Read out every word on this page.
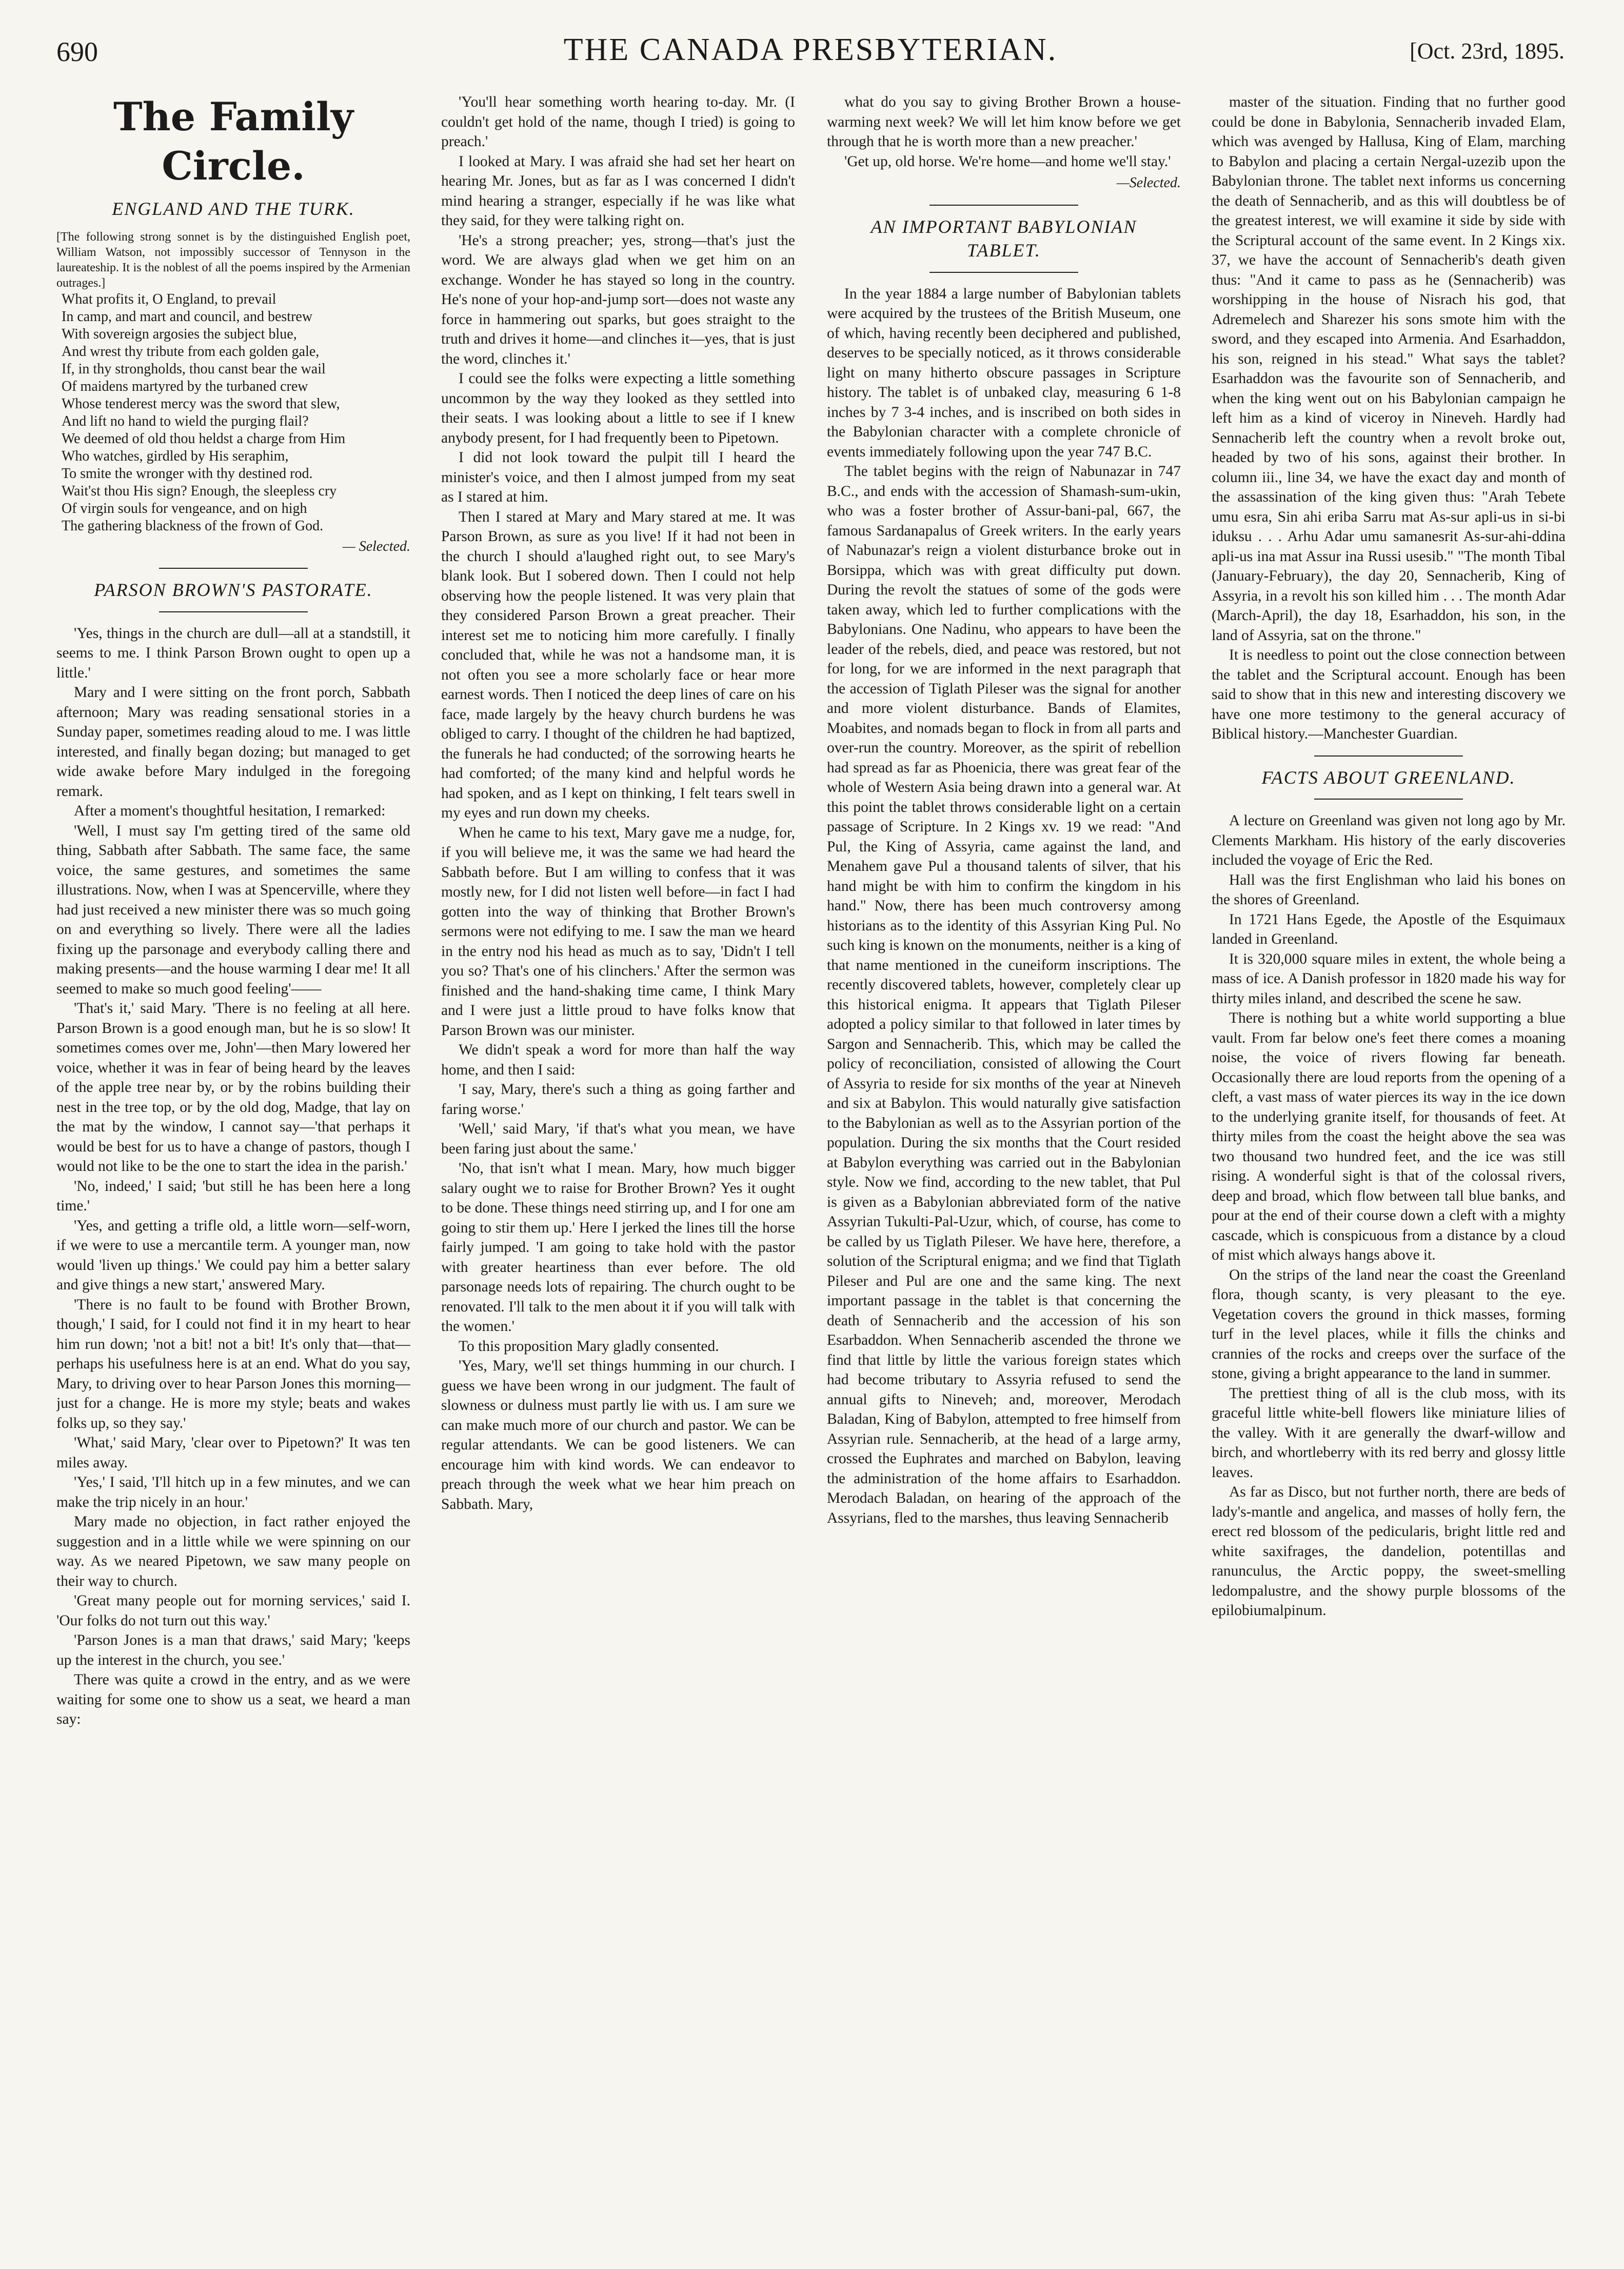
690	THE CANADA PRESBYTERIAN.	[Oct. 23rd, 1895.
The Family Circle.
ENGLAND AND THE TURK.

[The following strong sonnet is by the distinguished English poet, William Watson, not impossibly successor of Tennyson in the laureateship. It is the noblest of all the poems inspired by the Armenian outrages.]

What profits it, O England, to prevail
In camp, and mart and council, and bestrew
With sovereign argosies the subject blue,
And wrest thy tribute from each golden gale,
If, in thy strongholds, thou canst bear the wail
Of maidens martyred by the turbaned crew
Whose tenderest mercy was the sword that slew,
And lift no hand to wield the purging flail?
We deemed of old thou heldst a charge from Him
Who watches, girdled by His seraphim,
To smite the wronger with thy destined rod.
Wait'st thou His sign? Enough, the sleepless cry
Of virgin souls for vengeance, and on high
The gathering blackness of the frown of God.
— Selected.
PARSON BROWN'S PASTORATE.

'Yes, things in the church are dull—all at a standstill, it seems to me. I think Parson Brown ought to open up a little.'

Mary and I were sitting on the front porch, Sabbath afternoon; Mary was reading sensational stories in a Sunday paper, sometimes reading aloud to me. I was little interested, and finally began dozing; but managed to get wide awake before Mary indulged in the foregoing remark.

After a moment's thoughtful hesitation, I remarked:

'Well, I must say I'm getting tired of the same old thing, Sabbath after Sabbath. The same face, the same voice, the same gestures, and sometimes the same illustrations. Now, when I was at Spencerville, where they had just received a new minister there was so much going on and everything so lively. There were all the ladies fixing up the parsonage and everybody calling there and making presents—and the house warming I dear me! It all seemed to make so much good feeling'——

'That's it,' said Mary. 'There is no feeling at all here. Parson Brown is a good enough man, but he is so slow! It sometimes comes over me, John'—then Mary lowered her voice, whether it was in fear of being heard by the leaves of the apple tree near by, or by the robins building their nest in the tree top, or by the old dog, Madge, that lay on the mat by the window, I cannot say—'that perhaps it would be best for us to have a change of pastors, though I would not like to be the one to start the idea in the parish.'

'No, indeed,' I said; 'but still he has been here a long time.'

'Yes, and getting a trifle old, a little worn—self-worn, if we were to use a mercantile term. A younger man, now would 'liven up things.' We could pay him a better salary and give things a new start,' answered Mary.

'There is no fault to be found with Brother Brown, though,' I said, for I could not find it in my heart to hear him run down; 'not a bit! not a bit! It's only that—that—perhaps his usefulness here is at an end. What do you say, Mary, to driving over to hear Parson Jones this morning—just for a change. He is more my style; beats and wakes folks up, so they say.'

'What,' said Mary, 'clear over to Pipetown?' It was ten miles away.

'Yes,' I said, 'I'll hitch up in a few minutes, and we can make the trip nicely in an hour.'

Mary made no objection, in fact rather enjoyed the suggestion and in a little while we were spinning on our way. As we neared Pipetown, we saw many people on their way to church.

'Great many people out for morning services,' said I. 'Our folks do not turn out this way.'

'Parson Jones is a man that draws,' said Mary; 'keeps up the interest in the church, you see.'

There was quite a crowd in the entry, and as we were waiting for some one to show us a seat, we heard a man say:

'You'll hear something worth hearing to-day. Mr. (I couldn't get hold of the name, though I tried) is going to preach.'

I looked at Mary. I was afraid she had set her heart on hearing Mr. Jones, but as far as I was concerned I didn't mind hearing a stranger, especially if he was like what they said, for they were talking right on.

'He's a strong preacher; yes, strong—that's just the word. We are always glad when we get him on an exchange. Wonder he has stayed so long in the country. He's none of your hop-and-jump sort—does not waste any force in hammering out sparks, but goes straight to the truth and drives it home—and clinches it—yes, that is just the word, clinches it.'

I could see the folks were expecting a little something uncommon by the way they looked as they settled into their seats. I was looking about a little to see if I knew anybody present, for I had frequently been to Pipetown.

I did not look toward the pulpit till I heard the minister's voice, and then I almost jumped from my seat as I stared at him.

Then I stared at Mary and Mary stared at me. It was Parson Brown, as sure as you live! If it had not been in the church I should a'laughed right out, to see Mary's blank look. But I sobered down. Then I could not help observing how the people listened. It was very plain that they considered Parson Brown a great preacher. Their interest set me to noticing him more carefully. I finally concluded that, while he was not a handsome man, it is not often you see a more scholarly face or hear more earnest words. Then I noticed the deep lines of care on his face, made largely by the heavy church burdens he was obliged to carry. I thought of the children he had baptized, the funerals he had conducted; of the sorrowing hearts he had comforted; of the many kind and helpful words he had spoken, and as I kept on thinking, I felt tears swell in my eyes and run down my cheeks.

When he came to his text, Mary gave me a nudge, for, if you will believe me, it was the same we had heard the Sabbath before. But I am willing to confess that it was mostly new, for I did not listen well before—in fact I had gotten into the way of thinking that Brother Brown's sermons were not edifying to me. I saw the man we heard in the entry nod his head as much as to say, 'Didn't I tell you so? That's one of his clinchers.' After the sermon was finished and the hand-shaking time came, I think Mary and I were just a little proud to have folks know that Parson Brown was our minister.

We didn't speak a word for more than half the way home, and then I said:

'I say, Mary, there's such a thing as going farther and faring worse.'

'Well,' said Mary, 'if that's what you mean, we have been faring just about the same.'

'No, that isn't what I mean. Mary, how much bigger salary ought we to raise for Brother Brown? Yes it ought to be done. These things need stirring up, and I for one am going to stir them up.' Here I jerked the lines till the horse fairly jumped. 'I am going to take hold with the pastor with greater heartiness than ever before. The old parsonage needs lots of repairing. The church ought to be renovated. I'll talk to the men about it if you will talk with the women.'

To this proposition Mary gladly consented.

'Yes, Mary, we'll set things humming in our church. I guess we have been wrong in our judgment. The fault of slowness or dulness must partly lie with us. I am sure we can make much more of our church and pastor. We can be regular attendants. We can be good listeners. We can encourage him with kind words. We can endeavor to preach through the week what we hear him preach on Sabbath. Mary,

what do you say to giving Brother Brown a house-warming next week? We will let him know before we get through that he is worth more than a new preacher.'

'Get up, old horse. We're home—and home we'll stay.'

—Selected.
AN IMPORTANT BABYLONIAN
TABLET.

In the year 1884 a large number of Babylonian tablets were acquired by the trustees of the British Museum, one of which, having recently been deciphered and published, deserves to be specially noticed, as it throws considerable light on many hitherto obscure passages in Scripture history. The tablet is of unbaked clay, measuring 6 1-8 inches by 7 3-4 inches, and is inscribed on both sides in the Babylonian character with a complete chronicle of events immediately following upon the year 747 B.C.

The tablet begins with the reign of Nabunazar in 747 B.C., and ends with the accession of Shamash-sum-ukin, who was a foster brother of Assur-bani-pal, 667, the famous Sardanapalus of Greek writers. In the early years of Nabunazar's reign a violent disturbance broke out in Borsippa, which was with great difficulty put down. During the revolt the statues of some of the gods were taken away, which led to further complications with the Babylonians. One Nadinu, who appears to have been the leader of the rebels, died, and peace was restored, but not for long, for we are informed in the next paragraph that the accession of Tiglath Pileser was the signal for another and more violent disturbance. Bands of Elamites, Moabites, and nomads began to flock in from all parts and over-run the country. Moreover, as the spirit of rebellion had spread as far as Phoenicia, there was great fear of the whole of Western Asia being drawn into a general war. At this point the tablet throws considerable light on a certain passage of Scripture. In 2 Kings xv. 19 we read: "And Pul, the King of Assyria, came against the land, and Menahem gave Pul a thousand talents of silver, that his hand might be with him to confirm the kingdom in his hand." Now, there has been much controversy among historians as to the identity of this Assyrian King Pul. No such king is known on the monuments, neither is a king of that name mentioned in the cuneiform inscriptions. The recently discovered tablets, however, completely clear up this historical enigma. It appears that Tiglath Pileser adopted a policy similar to that followed in later times by Sargon and Sennacherib. This, which may be called the policy of reconciliation, consisted of allowing the Court of Assyria to reside for six months of the year at Nineveh and six at Babylon. This would naturally give satisfaction to the Babylonian as well as to the Assyrian portion of the population. During the six months that the Court resided at Babylon everything was carried out in the Babylonian style. Now we find, according to the new tablet, that Pul is given as a Babylonian abbreviated form of the native Assyrian Tukulti-Pal-Uzur, which, of course, has come to be called by us Tiglath Pileser. We have here, therefore, a solution of the Scriptural enigma; and we find that Tiglath Pileser and Pul are one and the same king. The next important passage in the tablet is that concerning the death of Sennacherib and the accession of his son Esarbaddon. When Sennacherib ascended the throne we find that little by little the various foreign states which had become tributary to Assyria refused to send the annual gifts to Nineveh; and, moreover, Merodach Baladan, King of Babylon, attempted to free himself from Assyrian rule. Sennacherib, at the head of a large army, crossed the Euphrates and marched on Babylon, leaving the administration of the home affairs to Esarhaddon. Merodach Baladan, on hearing of the approach of the Assyrians, fled to the marshes, thus leaving Sennacherib

master of the situation. Finding that no further good could be done in Babylonia, Sennacherib invaded Elam, which was avenged by Hallusa, King of Elam, marching to Babylon and placing a certain Nergal-uzezib upon the Babylonian throne. The tablet next informs us concerning the death of Sennacherib, and as this will doubtless be of the greatest interest, we will examine it side by side with the Scriptural account of the same event. In 2 Kings xix. 37, we have the account of Sennacherib's death given thus: "And it came to pass as he (Sennacherib) was worshipping in the house of Nisrach his god, that Adremelech and Sharezer his sons smote him with the sword, and they escaped into Armenia. And Esarhaddon, his son, reigned in his stead." What says the tablet? Esarhaddon was the favourite son of Sennacherib, and when the king went out on his Babylonian campaign he left him as a kind of viceroy in Nineveh. Hardly had Sennacherib left the country when a revolt broke out, headed by two of his sons, against their brother. In column iii., line 34, we have the exact day and month of the assassination of the king given thus: "Arah Tebete umu esra, Sin ahi eriba Sarru mat As-sur apli-us in si-bi iduksu . . . Arhu Adar umu samanesrit As-sur-ahi-ddina apli-us ina mat Assur ina Russi usesib." "The month Tibal (January-February), the day 20, Sennacherib, King of Assyria, in a revolt his son killed him . . . The month Adar (March-April), the day 18, Esarhaddon, his son, in the land of Assyria, sat on the throne."

It is needless to point out the close connection between the tablet and the Scriptural account. Enough has been said to show that in this new and interesting discovery we have one more testimony to the general accuracy of Biblical history.—Manchester Guardian.

FACTS ABOUT GREENLAND.

A lecture on Greenland was given not long ago by Mr. Clements Markham. His history of the early discoveries included the voyage of Eric the Red.

Hall was the first Englishman who laid his bones on the shores of Greenland.

In 1721 Hans Egede, the Apostle of the Esquimaux landed in Greenland.

It is 320,000 square miles in extent, the whole being a mass of ice. A Danish professor in 1820 made his way for thirty miles inland, and described the scene he saw.

There is nothing but a white world supporting a blue vault. From far below one's feet there comes a moaning noise, the voice of rivers flowing far beneath. Occasionally there are loud reports from the opening of a cleft, a vast mass of water pierces its way in the ice down to the underlying granite itself, for thousands of feet. At thirty miles from the coast the height above the sea was two thousand two hundred feet, and the ice was still rising. A wonderful sight is that of the colossal rivers, deep and broad, which flow between tall blue banks, and pour at the end of their course down a cleft with a mighty cascade, which is conspicuous from a distance by a cloud of mist which always hangs above it.

On the strips of the land near the coast the Greenland flora, though scanty, is very pleasant to the eye. Vegetation covers the ground in thick masses, forming turf in the level places, while it fills the chinks and crannies of the rocks and creeps over the surface of the stone, giving a bright appearance to the land in summer.

The prettiest thing of all is the club moss, with its graceful little white-bell flowers like miniature lilies of the valley. With it are generally the dwarf-willow and birch, and whortleberry with its red berry and glossy little leaves.

As far as Disco, but not further north, there are beds of lady's-mantle and angelica, and masses of holly fern, the erect red blossom of the pedicularis, bright little red and white saxifrages, the dandelion, potentillas and ranunculus, the Arctic poppy, the sweet-smelling ledompalustre, and the showy purple blossoms of the epilobiumalpinum.
